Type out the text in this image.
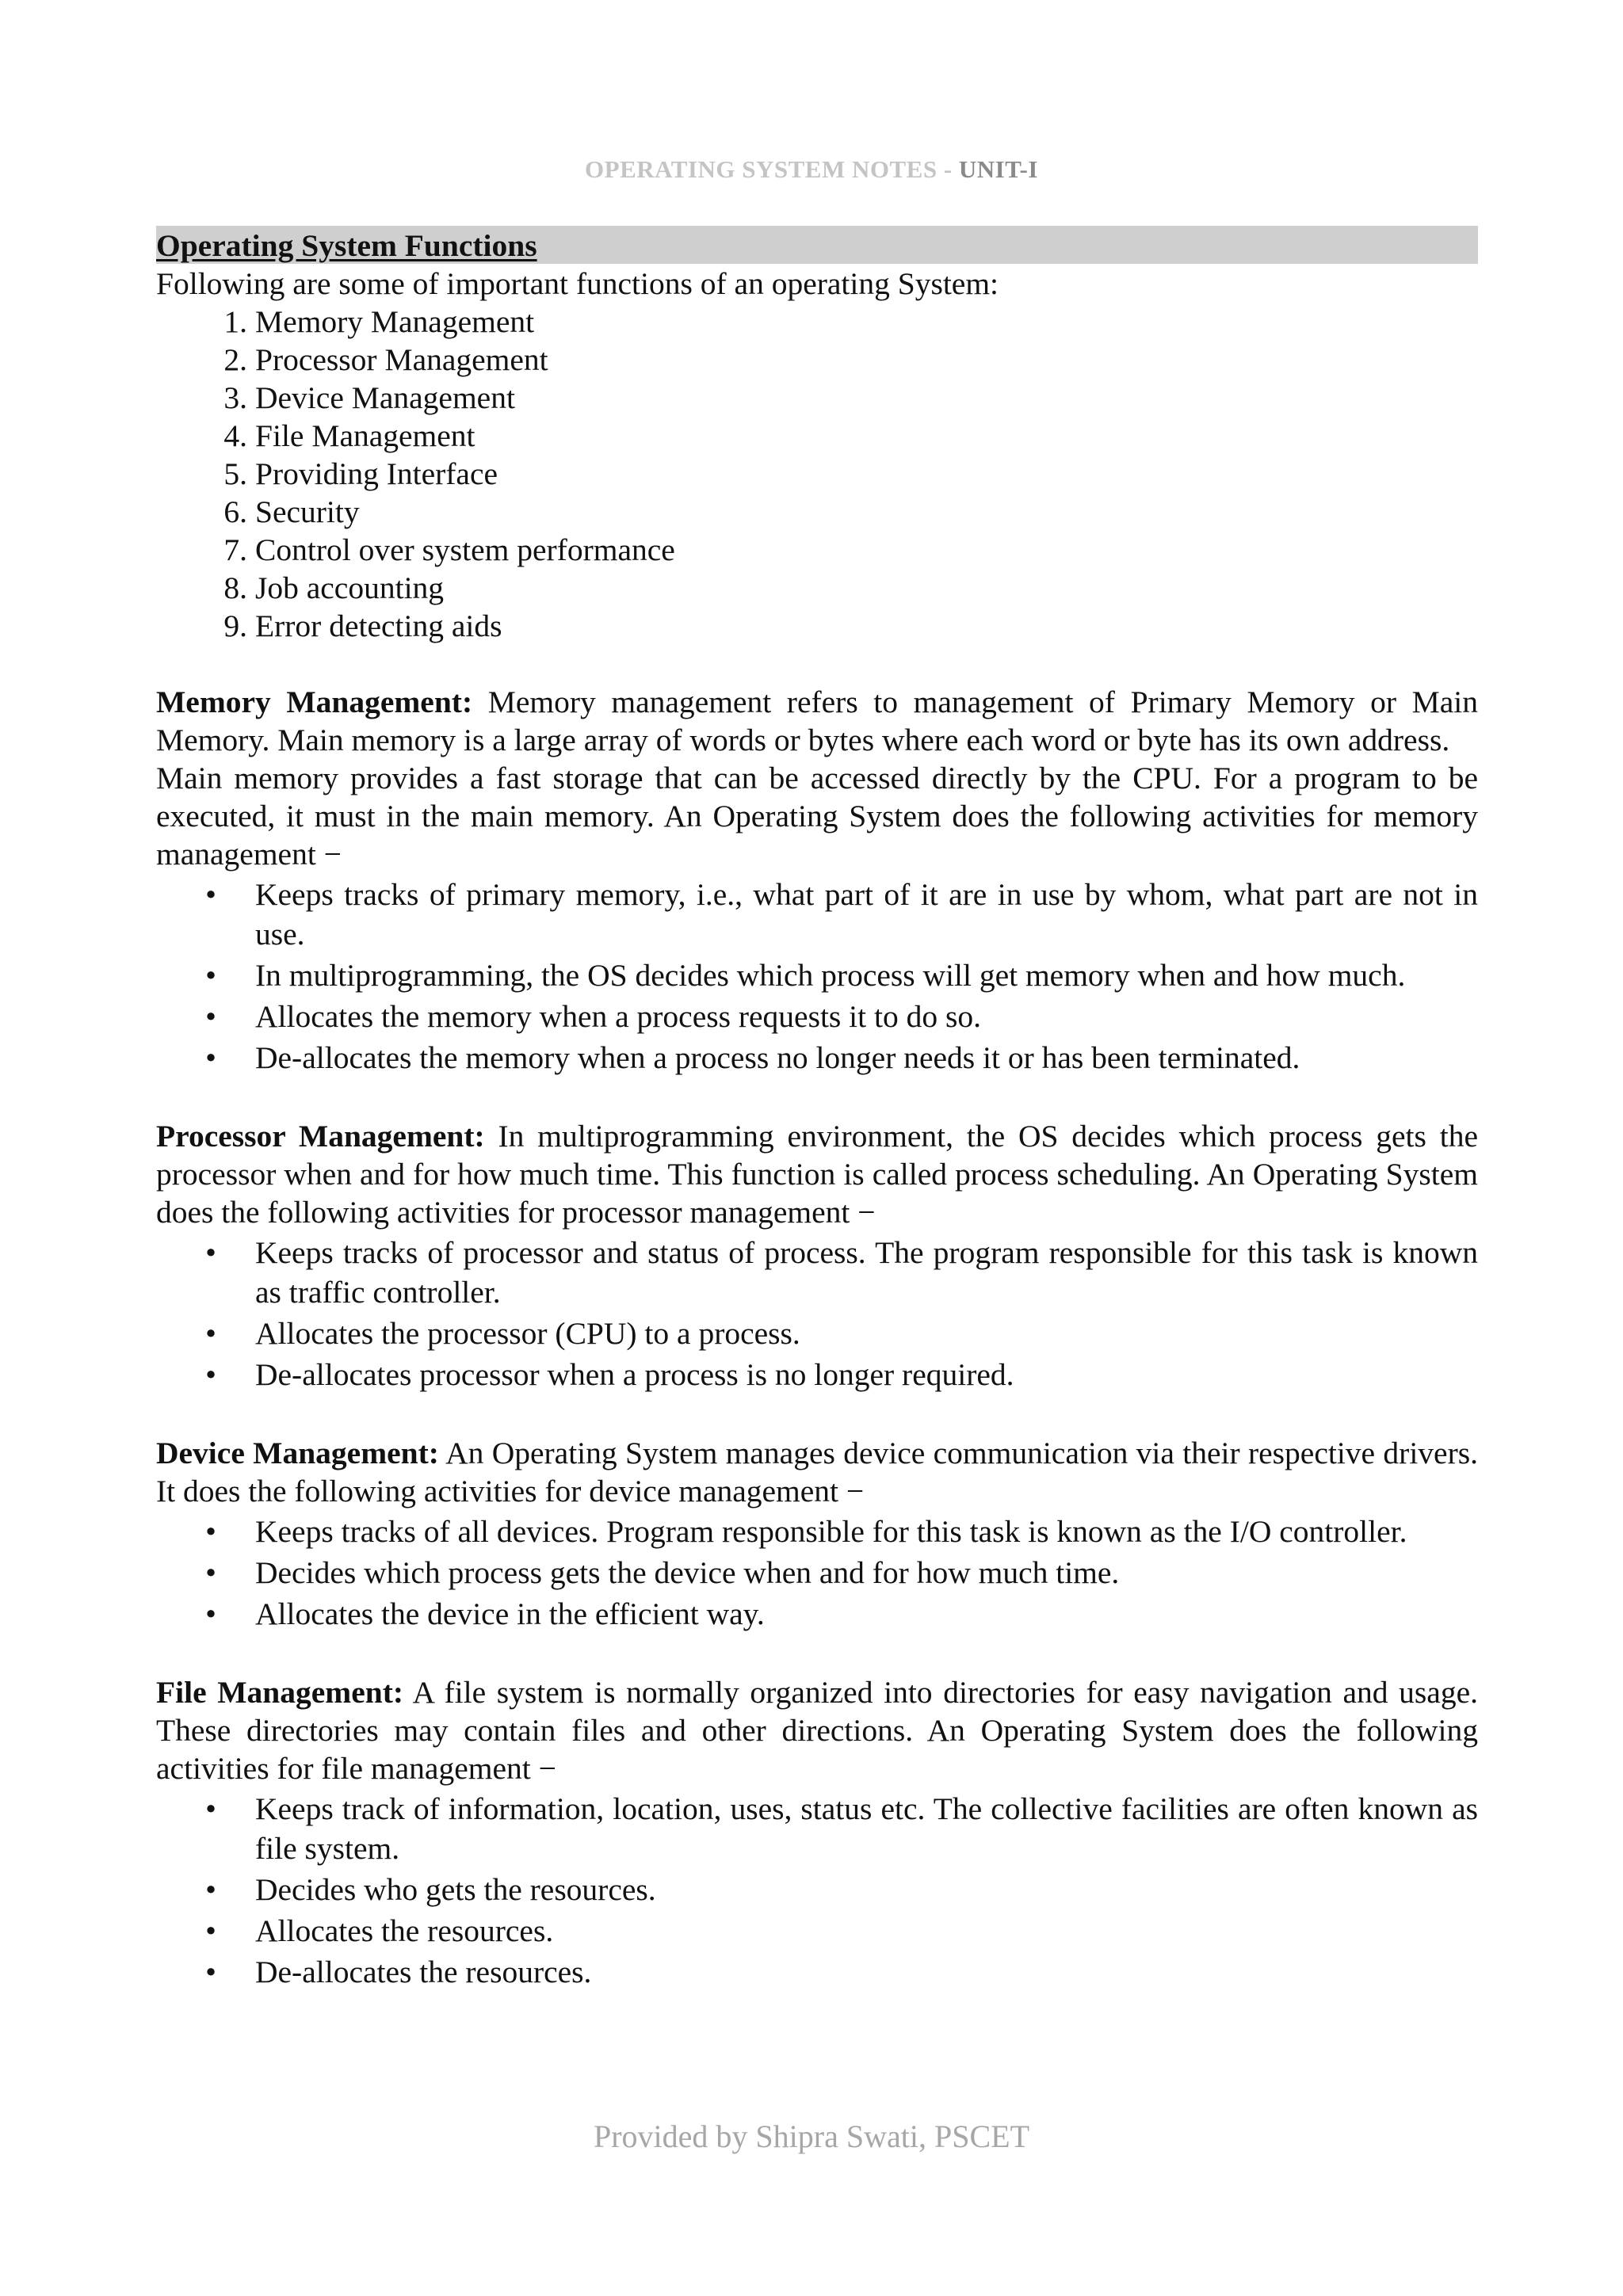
OPERATING SYSTEM NOTES - UNIT-I
Operating System Functions

Following are some of important functions of an operating System:

1. Memory Management
2. Processor Management
3. Device Management
4. File Management
5. Providing Interface
6. Security
7. Control over system performance
8. Job accounting
9. Error detecting aids

Memory Management: Memory management refers to management of Primary Memory or Main Memory. Main memory is a large array of words or bytes where each word or byte has its own address.

Main memory provides a fast storage that can be accessed directly by the CPU. For a program to be executed, it must in the main memory. An Operating System does the following activities for memory management −

• Keeps tracks of primary memory, i.e., what part of it are in use by whom, what part are not in use.
• In multiprogramming, the OS decides which process will get memory when and how much.
• Allocates the memory when a process requests it to do so.
• De-allocates the memory when a process no longer needs it or has been terminated.

Processor Management: In multiprogramming environment, the OS decides which process gets the processor when and for how much time. This function is called process scheduling. An Operating System does the following activities for processor management −

• Keeps tracks of processor and status of process. The program responsible for this task is known as traffic controller.
• Allocates the processor (CPU) to a process.
• De-allocates processor when a process is no longer required.

Device Management: An Operating System manages device communication via their respective drivers. It does the following activities for device management −

• Keeps tracks of all devices. Program responsible for this task is known as the I/O controller.
• Decides which process gets the device when and for how much time.
• Allocates the device in the efficient way.

File Management: A file system is normally organized into directories for easy navigation and usage. These directories may contain files and other directions. An Operating System does the following activities for file management −

• Keeps track of information, location, uses, status etc. The collective facilities are often known as file system.
• Decides who gets the resources.
• Allocates the resources.
• De-allocates the resources.
Provided by Shipra Swati, PSCET
